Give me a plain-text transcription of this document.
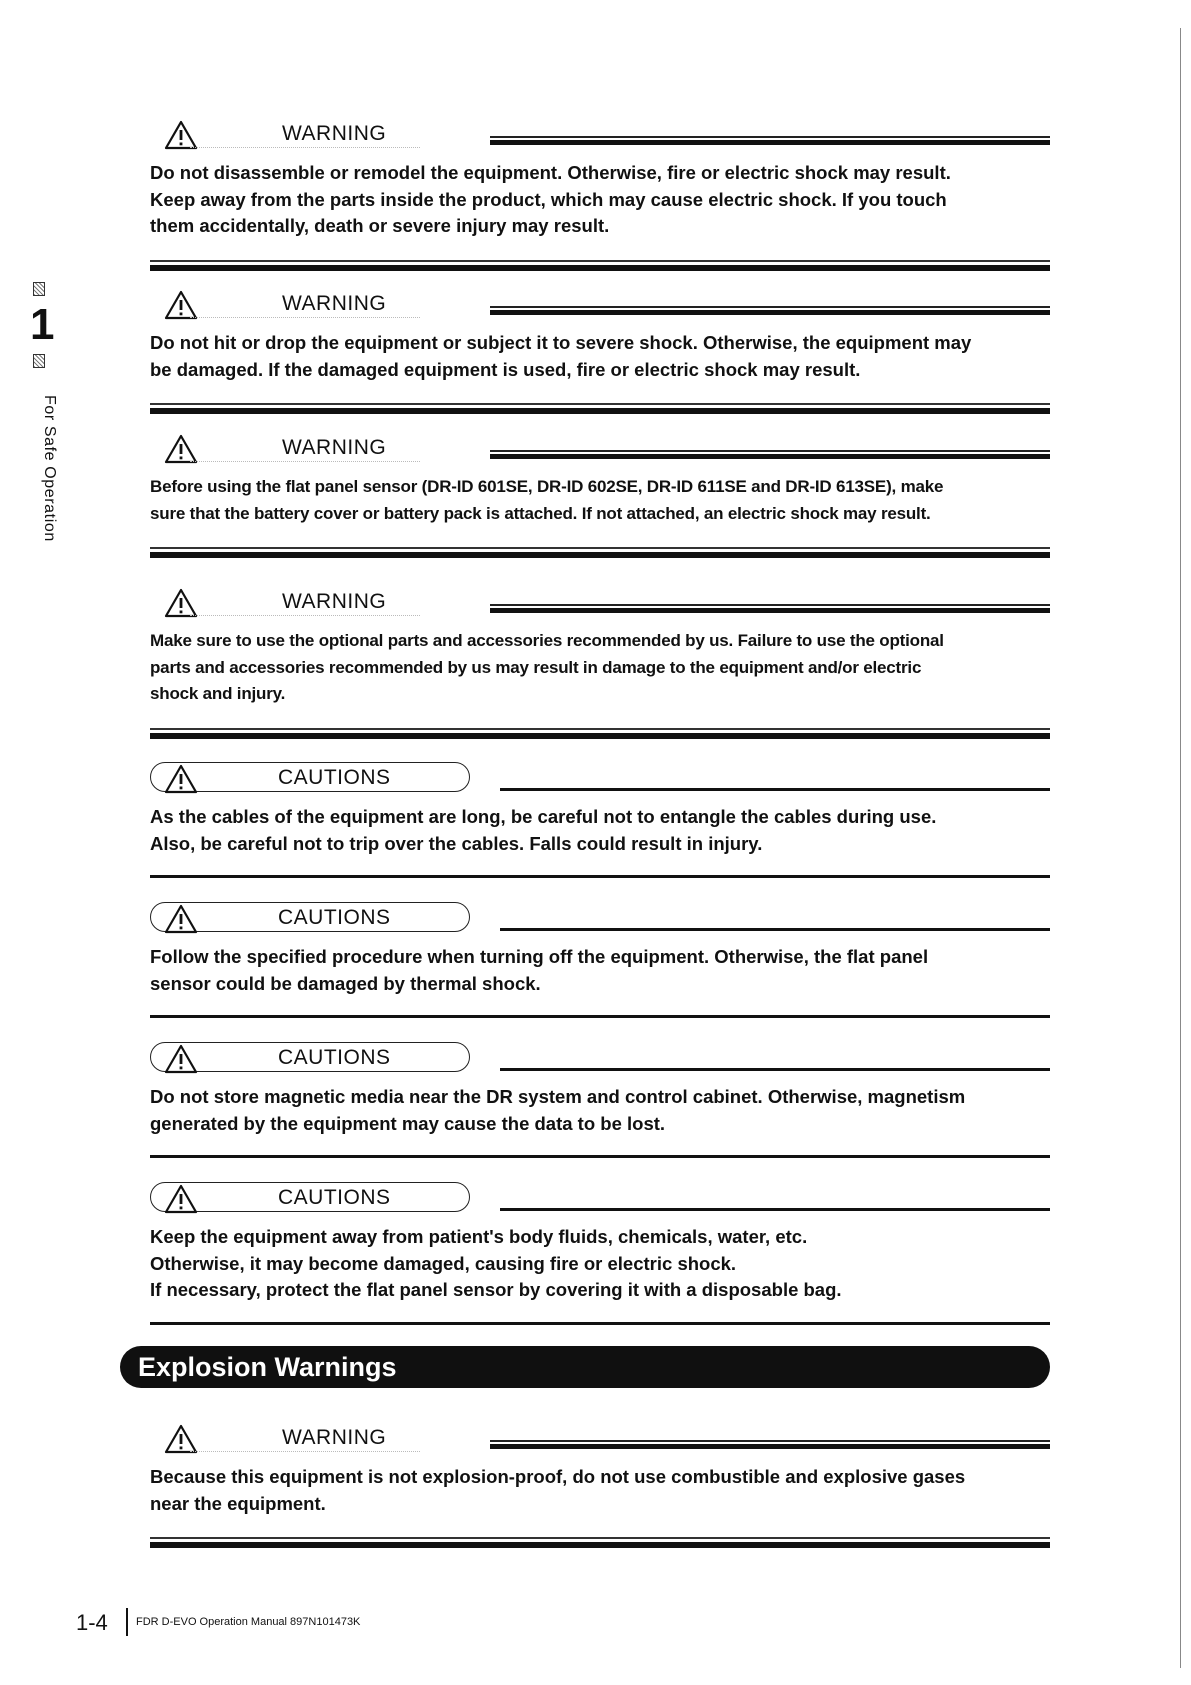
1
For Safe Operation
WARNING
Do not disassemble or remodel the equipment. Otherwise, fire or electric shock may result.
Keep away from the parts inside the product, which may cause electric shock. If you touch
them accidentally, death or severe injury may result.
WARNING
Do not hit or drop the equipment or subject it to severe shock. Otherwise, the equipment may
be damaged. If the damaged equipment is used, fire or electric shock may result.
WARNING
Before using the flat panel sensor (DR-ID 601SE, DR-ID 602SE, DR-ID 611SE and DR-ID 613SE), make
sure that the battery cover or battery pack is attached. If not attached, an electric shock may result.
WARNING
Make sure to use the optional parts and accessories recommended by us. Failure to use the optional
parts and accessories recommended by us may result in damage to the equipment and/or electric
shock and injury.
CAUTIONS
As the cables of the equipment are long, be careful not to entangle the cables during use.
Also, be careful not to trip over the cables. Falls could result in injury.
CAUTIONS
Follow the specified procedure when turning off the equipment. Otherwise, the flat panel
sensor could be damaged by thermal shock.
CAUTIONS
Do not store magnetic media near the DR system and control cabinet. Otherwise, magnetism
generated by the equipment may cause the data to be lost.
CAUTIONS
Keep the equipment away from patient's body fluids, chemicals, water, etc.
Otherwise, it may become damaged, causing fire or electric shock.
If necessary, protect the flat panel sensor by covering it with a disposable bag.
Explosion Warnings
WARNING
Because this equipment is not explosion-proof, do not use combustible and explosive gases
near the equipment.
1-4	FDR D-EVO Operation Manual 897N101473K
